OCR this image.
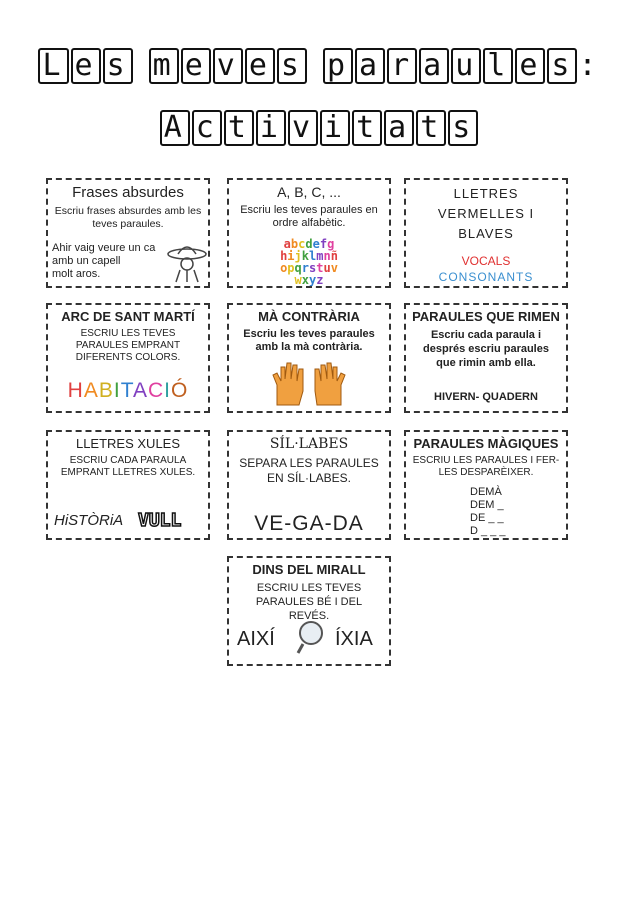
L e s m e v e s p a r a u l e s :
A c t i v i t a t s
Frases absurdes
Escriu frases absurdes amb les teves paraules.
Ahir vaig veure un ca
amb un capell
molt aros.
A, B, C, ...
Escriu les teves paraules en ordre alfabètic.
abcdefg
hijklmnñ
opqrstuv
wxyz
LLETRES VERMELLES I BLAVES
VOCALS
CONSONANTS
ARC DE SANT MARTÍ
ESCRIU LES TEVES PARAULES EMPRANT DIFERENTS COLORS.
HABITACIÓ
MÀ CONTRÀRIA
Escriu les teves paraules amb la mà contrària.
PARAULES QUE RIMEN
Escriu cada paraula i després escriu paraules que rimin amb ella.
HIVERN- QUADERN
LLETRES XULES
ESCRIU CADA PARAULA EMPRANT LLETRES XULES.
HiSTÒRiA VULL
SÍL·LABES
SEPARA LES PARAULES EN SÍL·LABES.
VE-GA-DA
PARAULES MÀGIQUES
ESCRIU LES PARAULES I FER-LES DESPARÈIXER.
DEMÀ
DEM _
DE _ _
D _ _ _
DINS DEL MIRALL
ESCRIU LES TEVES PARAULES BÉ I DEL REVÉS.
AIXÍ	ÍXIA
